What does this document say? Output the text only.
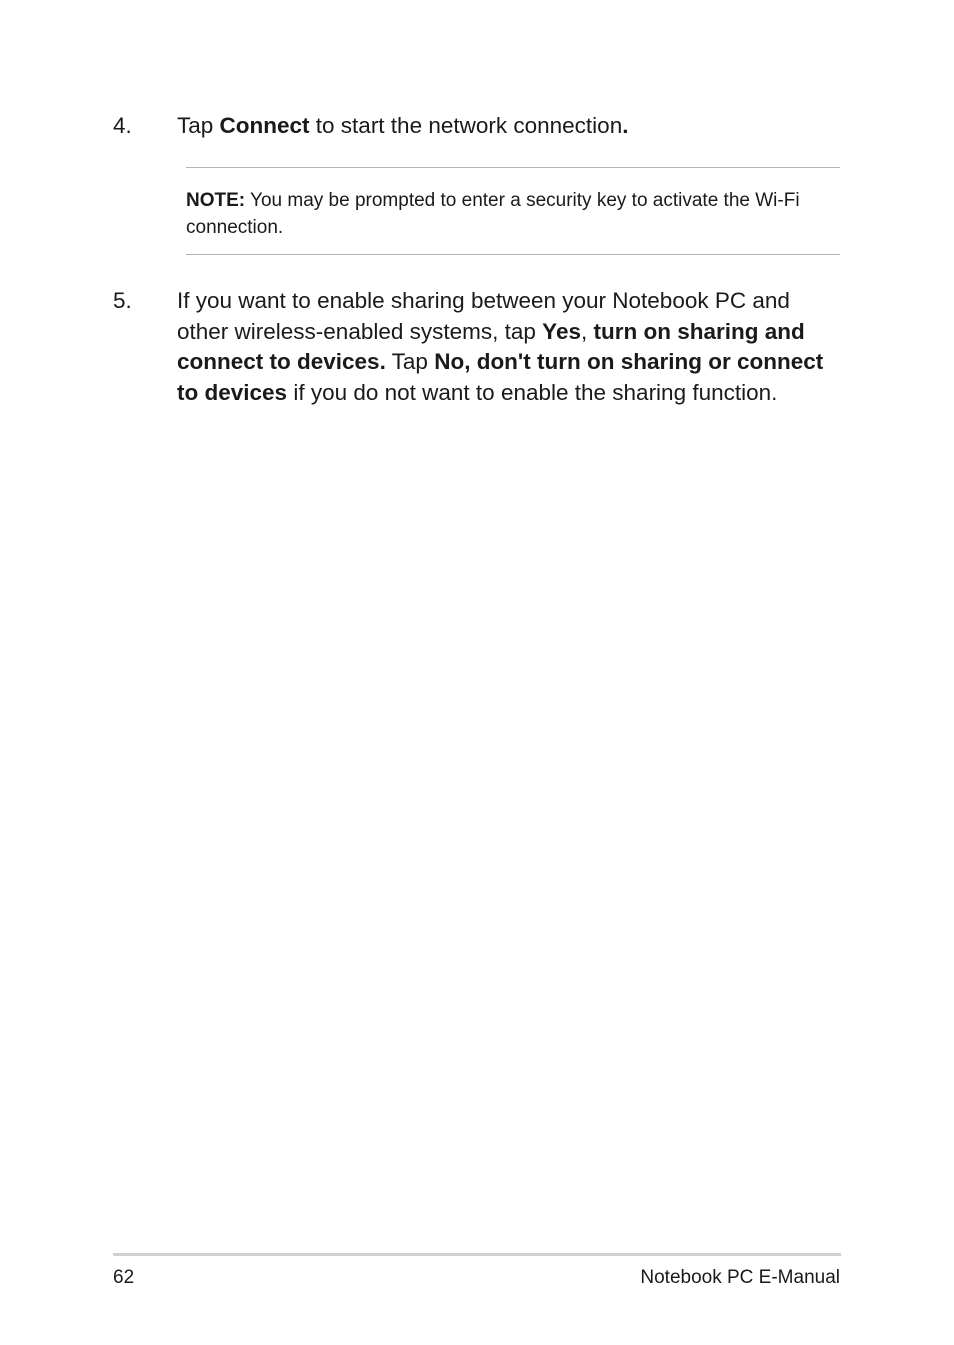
4. Tap Connect to start the network connection.
NOTE: You may be prompted to enter a security key to activate the Wi-Fi connection.
5. If you want to enable sharing between your Notebook PC and other wireless-enabled systems, tap Yes, turn on sharing and connect to devices. Tap No, don't turn on sharing or connect to devices if you do not want to enable the sharing function.
62	Notebook PC E-Manual
